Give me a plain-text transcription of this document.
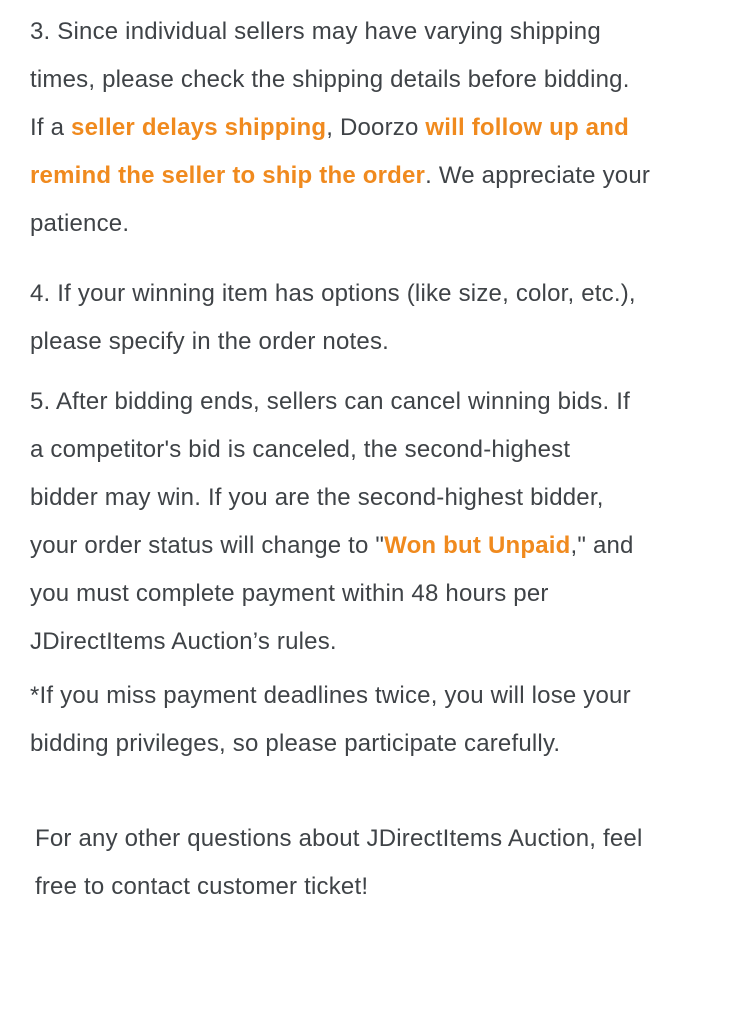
3. Since individual sellers may have varying shipping
times, please check the shipping details before bidding.
If a seller delays shipping, Doorzo will follow up and
remind the seller to ship the order. We appreciate your
patience.

4. If your winning item has options (like size, color, etc.),
please specify in the order notes.

5. After bidding ends, sellers can cancel winning bids. If
a competitor's bid is canceled, the second-highest
bidder may win. If you are the second-highest bidder,
your order status will change to "Won but Unpaid," and
you must complete payment within 48 hours per
JDirectItems Auction’s rules.

*If you miss payment deadlines twice, you will lose your
bidding privileges, so please participate carefully.

For any other questions about JDirectItems Auction, feel
free to contact customer ticket!
